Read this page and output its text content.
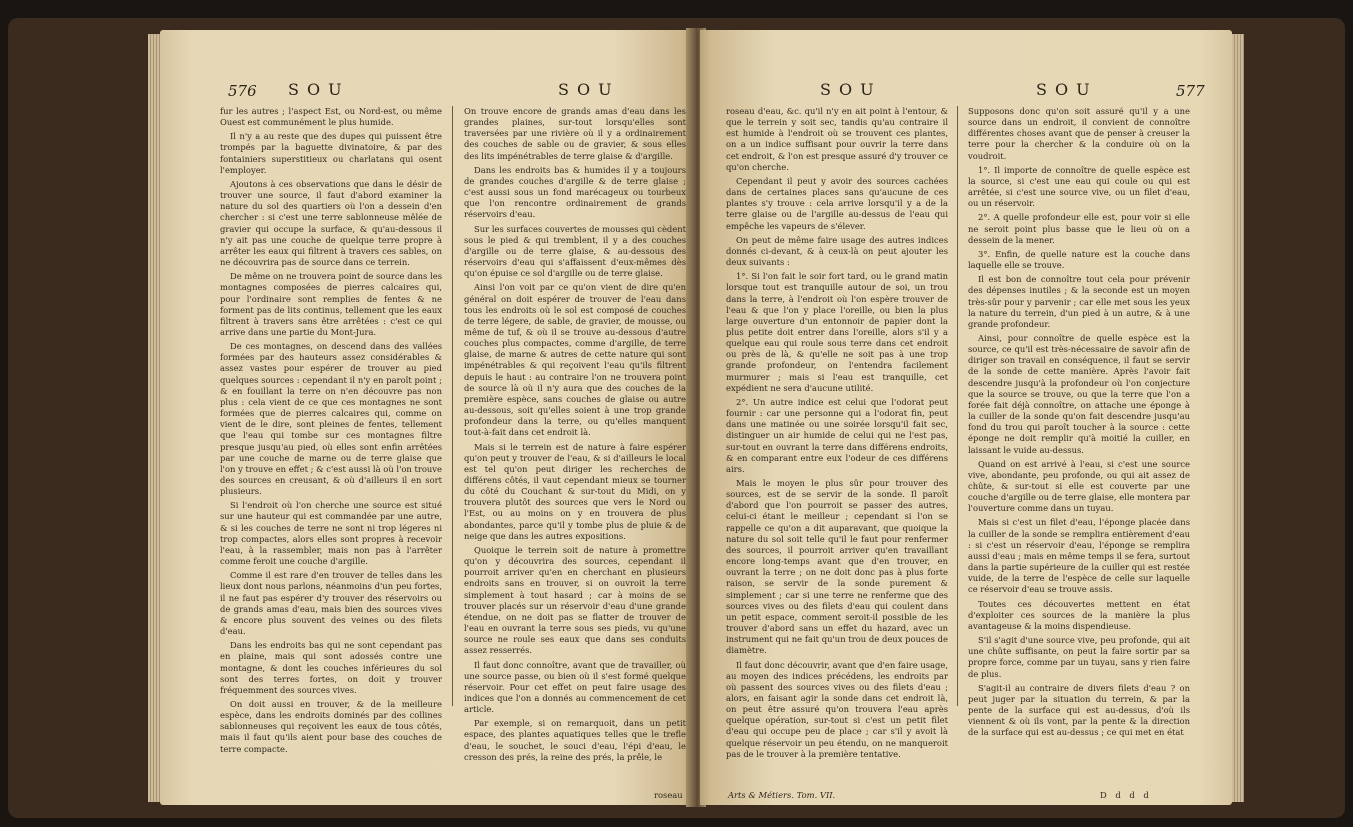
576 SOU	SOU

fur les autres ; l'aspect Est, ou Nord-est, ou même Ouest est communément le plus humide.

Il n'y a au reste que des dupes qui puissent être trompés par la baguette divinatoire, & par des fontainiers superstitieux ou charlatans qui osent l'employer.

Ajoutons à ces observations que dans le désir de trouver une source, il faut d'abord examiner la nature du sol des quartiers où l'on a dessein d'en chercher : si c'est une terre sablonneuse mêlée de gravier qui occupe la surface, & qu'au-dessous il n'y ait pas une couche de quelque terre propre à arrêter les eaux qui filtrent à travers ces sables, on ne découvrira pas de source dans ce terrein.

De même on ne trouvera point de source dans les montagnes composées de pierres calcaires qui, pour l'ordinaire sont remplies de fentes & ne forment pas de lits continus, tellement que les eaux filtrent à travers sans être arrêtées : c'est ce qui arrive dans une partie du Mont-Jura.

De ces montagnes, on descend dans des vallées formées par des hauteurs assez considérables & assez vastes pour espérer de trouver au pied quelques sources : cependant il n'y en paroît point ; & en fouillant la terre on n'en découvre pas non plus : cela vient de ce que ces montagnes ne sont formées que de pierres calcaires qui, comme on vient de le dire, sont pleines de fentes, tellement que l'eau qui tombe sur ces montagnes filtre presque jusqu'au pied, où elles sont enfin arrêtées par une couche de marne ou de terre glaise que l'on y trouve en effet ; & c'est aussi là où l'on trouve des sources en creusant, & où d'ailleurs il en sort plusieurs.

Si l'endroit où l'on cherche une source est situé sur une hauteur qui est commandée par une autre, & si les couches de terre ne sont ni trop légeres ni trop compactes, alors elles sont propres à recevoir l'eau, à la rassembler, mais non pas à l'arrêter comme feroit une couche d'argille.

Comme il est rare d'en trouver de telles dans les lieux dont nous parlons, néanmoins d'un peu fortes, il ne faut pas espérer d'y trouver des réservoirs ou de grands amas d'eau, mais bien des sources vives & encore plus souvent des veines ou des filets d'eau.

Dans les endroits bas qui ne sont cependant pas en plaine, mais qui sont adossés contre une montagne, & dont les couches inférieures du sol sont des terres fortes, on doit y trouver fréquemment des sources vives.

On doit aussi en trouver, & de la meilleure espèce, dans les endroits dominés par des collines sablonneuses qui reçoivent les eaux de tous côtés, mais il faut qu'ils aient pour base des couches de terre compacte.

On trouve encore de grands amas d'eau dans les grandes plaines, sur-tout lorsqu'elles sont traversées par une rivière où il y a ordinairement des couches de sable ou de gravier, & sous elles des lits impénétrables de terre glaise & d'argille.

Dans les endroits bas & humides il y a toujours de grandes couches d'argille & de terre glaise ; c'est aussi sous un fond marécageux ou tourbeux que l'on rencontre ordinairement de grands réservoirs d'eau.

Sur les surfaces couvertes de mousses qui cèdent sous le pied & qui tremblent, il y a des couches d'argille ou de terre glaise, & au-dessous des réservoirs d'eau qui s'affaissent d'eux-mêmes dès qu'on épuise ce sol d'argille ou de terre glaise.

Ainsi l'on voit par ce qu'on vient de dire qu'en général on doit espérer de trouver de l'eau dans tous les endroits où le sol est composé de couches de terre légere, de sable, de gravier, de mousse, ou même de tuf, & où il se trouve au-dessous d'autre couches plus compactes, comme d'argille, de terre glaise, de marne & autres de cette nature qui sont impénétrables & qui reçoivent l'eau qu'ils filtrent depuis le haut : au contraire l'on ne trouvera point de source là où il n'y aura que des couches de la première espèce, sans couches de glaise ou autre au-dessous, soit qu'elles soient à une trop grande profondeur dans la terre, ou qu'elles manquent tout-à-fait dans cet endroit là.

Mais si le terrein est de nature à faire espérer qu'on peut y trouver de l'eau, & si d'ailleurs le local est tel qu'on peut diriger les recherches de différens côtés, il vaut cependant mieux se tourner du côté du Couchant & sur-tout du Midi, on y trouvera plutôt des sources que vers le Nord ou l'Est, ou au moins on y en trouvera de plus abondantes, parce qu'il y tombe plus de pluie & de neige que dans les autres expositions.

Quoique le terrein soit de nature à promettre qu'on y découvrira des sources, cependant il pourroit arriver qu'en en cherchant en plusieurs endroits sans en trouver, si on ouvroit la terre simplement à tout hasard ; car à moins de se trouver placés sur un réservoir d'eau d'une grande étendue, on ne doit pas se flatter de trouver de l'eau en ouvrant la terre sous ses pieds, vu qu'une source ne roule ses eaux que dans ses conduits assez resserrés.

Il faut donc connoître, avant que de travailler, où une source passe, ou bien où il s'est formé quelque réservoir. Pour cet effet on peut faire usage des indices que l'on a donnés au commencement de cet article.

Par exemple, si on remarquoit, dans un petit espace, des plantes aquatiques telles que le trefle d'eau, le souchet, le souci d'eau, l'épi d'eau, le cresson des prés, la reine des prés, la prêle, le

roseau
SOU	SOU	577

roseau d'eau, &c. qu'il n'y en ait point à l'entour, & que le terrein y soit sec, tandis qu'au contraire il est humide à l'endroit où se trouvent ces plantes, on a un indice suffisant pour ouvrir la terre dans cet endroit, & l'on est presque assuré d'y trouver ce qu'on cherche.

Cependant il peut y avoir des sources cachées dans de certaines places sans qu'aucune de ces plantes s'y trouve : cela arrive lorsqu'il y a de la terre glaise ou de l'argille au-dessus de l'eau qui empêche les vapeurs de s'élever.

On peut de même faire usage des autres indices donnés ci-devant, & à ceux-là on peut ajouter les deux suivants :

1°. Si l'on fait le soir fort tard, ou le grand matin lorsque tout est tranquille autour de soi, un trou dans la terre, à l'endroit où l'on espère trouver de l'eau & que l'on y place l'oreille, ou bien la plus large ouverture d'un entonnoir de papier dont la plus petite doit entrer dans l'oreille, alors s'il y a quelque eau qui roule sous terre dans cet endroit ou près de là, & qu'elle ne soit pas à une trop grande profondeur, on l'entendra facilement murmurer ; mais si l'eau est tranquille, cet expédient ne sera d'aucune utilité.

2°. Un autre indice est celui que l'odorat peut fournir : car une personne qui a l'odorat fin, peut dans une matinée ou une soirée lorsqu'il fait sec, distinguer un air humide de celui qui ne l'est pas, sur-tout en ouvrant la terre dans différens endroits, & en comparant entre eux l'odeur de ces différens airs.

Mais le moyen le plus sûr pour trouver des sources, est de se servir de la sonde. Il paroît d'abord que l'on pourroit se passer des autres, celui-ci étant le meilleur ; cependant si l'on se rappelle ce qu'on a dit auparavant, que quoique la nature du sol soit telle qu'il le faut pour renfermer des sources, il pourroit arriver qu'en travaillant encore long-temps avant que d'en trouver, en ouvrant la terre ; on ne doit donc pas à plus forte raison, se servir de la sonde purement & simplement ; car si une terre ne renferme que des sources vives ou des filets d'eau qui coulent dans un petit espace, comment seroit-il possible de les trouver d'abord sans un effet du hazard, avec un instrument qui ne fait qu'un trou de deux pouces de diamètre.

Il faut donc découvrir, avant que d'en faire usage, au moyen des indices précédens, les endroits par où passent des sources vives ou des filets d'eau ; alors, en faisant agir la sonde dans cet endroit là, on peut être assuré qu'on trouvera l'eau après quelque opération, sur-tout si c'est un petit filet d'eau qui occupe peu de place ; car s'il y avoit là quelque réservoir un peu étendu, on ne manqueroit pas de le trouver à la première tentative.

Supposons donc qu'on soit assuré qu'il y a une source dans un endroit, il convient de connoître différentes choses avant que de penser à creuser la terre pour la chercher & la conduire où on la voudroit.

1°. Il importe de connoître de quelle espèce est la source, si c'est une eau qui coule ou qui est arrêtée, si c'est une source vive, ou un filet d'eau, ou un réservoir.

2°. A quelle profondeur elle est, pour voir si elle ne seroit point plus basse que le lieu où on a dessein de la mener.

3°. Enfin, de quelle nature est la couche dans laquelle elle se trouve.

Il est bon de connoître tout cela pour prévenir des dépenses inutiles ; & la seconde est un moyen très-sûr pour y parvenir ; car elle met sous les yeux la nature du terrein, d'un pied à un autre, & à une grande profondeur.

Ainsi, pour connoître de quelle espèce est la source, ce qu'il est très-nécessaire de savoir afin de diriger son travail en conséquence, il faut se servir de la sonde de cette manière. Après l'avoir fait descendre jusqu'à la profondeur où l'on conjecture que la source se trouve, ou que la terre que l'on a forée fait déjà connoître, on attache une éponge à la cuiller de la sonde qu'on fait descendre jusqu'au fond du trou qui paroît toucher à la source : cette éponge ne doit remplir qu'à moitié la cuiller, en laissant le vuide au-dessus.

Quand on est arrivé à l'eau, si c'est une source vive, abondante, peu profonde, ou qui ait assez de chûte, & sur-tout si elle est couverte par une couche d'argille ou de terre glaise, elle montera par l'ouverture comme dans un tuyau.

Mais si c'est un filet d'eau, l'éponge placée dans la cuiller de la sonde se remplira entièrement d'eau : si c'est un réservoir d'eau, l'éponge se remplira aussi d'eau ; mais en même temps il se fera, surtout dans la partie supérieure de la cuiller qui est restée vuide, de la terre de l'espèce de celle sur laquelle ce réservoir d'eau se trouve assis.

Toutes ces découvertes mettent en état d'exploiter ces sources de la manière la plus avantageuse & la moins dispendieuse.

S'il s'agit d'une source vive, peu profonde, qui ait une chûte suffisante, on peut la faire sortir par sa propre force, comme par un tuyau, sans y rien faire de plus.

S'agit-il au contraire de divers filets d'eau ? on peut juger par la situation du terrein, & par la pente de la surface qui est au-dessus, d'où ils viennent & où ils vont, par la pente & la direction de la surface qui est au-dessus ; ce qui met en état

Arts & Métiers. Tom. VII.	D d d d
